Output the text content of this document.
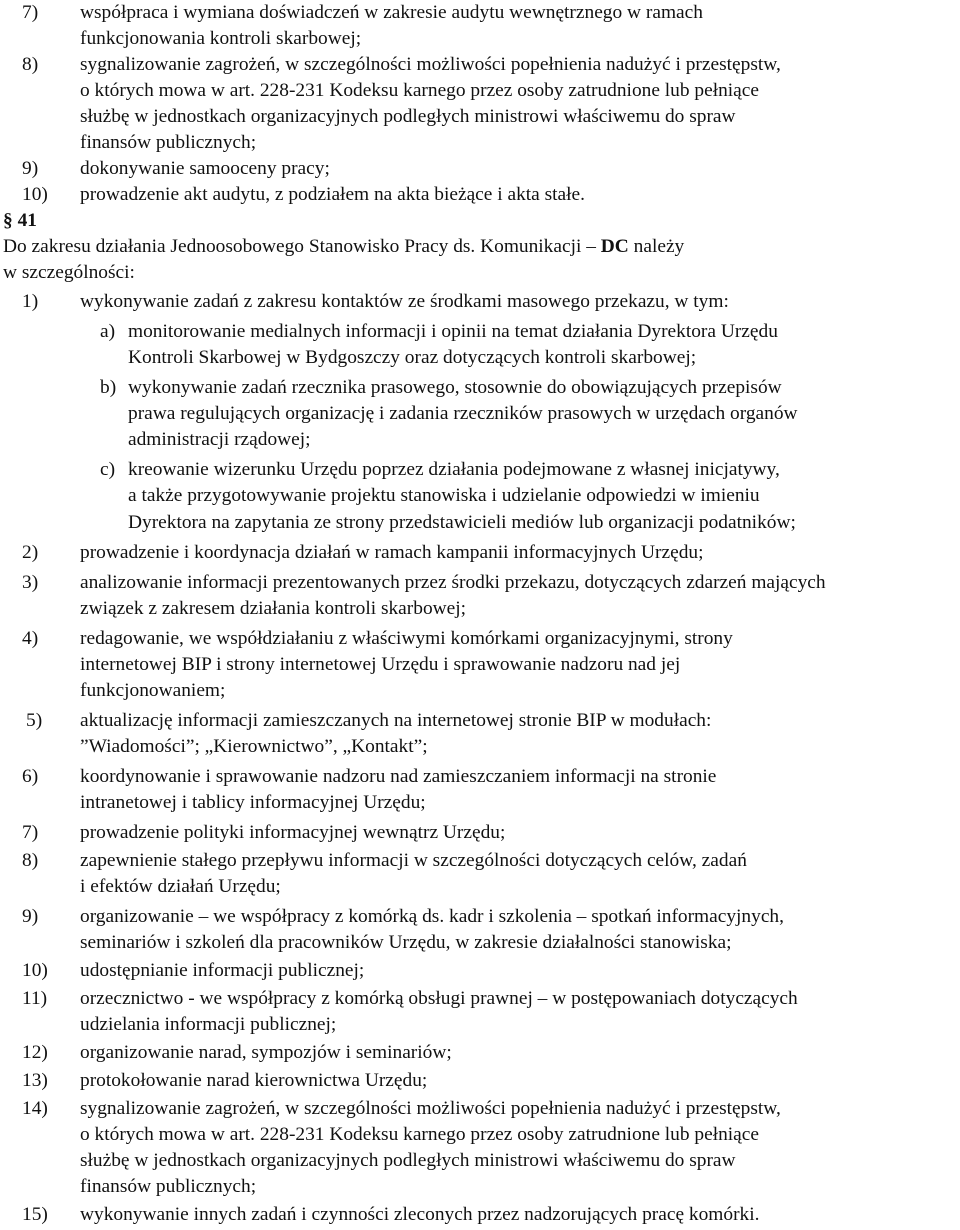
7) współpraca i wymiana doświadczeń w zakresie audytu wewnętrznego w ramach
funkcjonowania kontroli skarbowej;
8) sygnalizowanie zagrożeń, w szczególności możliwości popełnienia nadużyć i przestępstw,
o których mowa w art. 228-231 Kodeksu karnego przez osoby zatrudnione lub pełniące
służbę w jednostkach organizacyjnych podległych ministrowi właściwemu do spraw
finansów publicznych;
9) dokonywanie samooceny pracy;
10) prowadzenie akt audytu, z podziałem na akta bieżące i akta stałe.
§ 41
Do zakresu działania Jednoosobowego Stanowisko Pracy ds. Komunikacji – DC należy
w szczególności:
1) wykonywanie zadań z zakresu kontaktów ze środkami masowego przekazu, w tym:
a) monitorowanie medialnych informacji i opinii na temat działania Dyrektora Urzędu
Kontroli Skarbowej w Bydgoszczy oraz dotyczących kontroli skarbowej;
b) wykonywanie zadań rzecznika prasowego, stosownie do obowiązujących przepisów
prawa regulujących organizację i zadania rzeczników prasowych w urzędach organów
administracji rządowej;
c) kreowanie wizerunku Urzędu poprzez działania podejmowane z własnej inicjatywy,
a także przygotowywanie projektu stanowiska i udzielanie odpowiedzi w imieniu
Dyrektora na zapytania ze strony przedstawicieli mediów lub organizacji podatników;
2) prowadzenie i koordynacja działań w ramach kampanii informacyjnych Urzędu;
3) analizowanie informacji prezentowanych przez środki przekazu, dotyczących zdarzeń mających
związek z zakresem działania kontroli skarbowej;
4) redagowanie, we współdziałaniu z właściwymi komórkami organizacyjnymi, strony
internetowej BIP i strony internetowej Urzędu i sprawowanie nadzoru nad jej
funkcjonowaniem;
5) aktualizację informacji zamieszczanych na internetowej stronie BIP w modułach:
”Wiadomości”; „Kierownictwo”, „Kontakt”;
6) koordynowanie i sprawowanie nadzoru nad zamieszczaniem informacji na stronie
intranetowej i tablicy informacyjnej Urzędu;
7) prowadzenie polityki informacyjnej wewnątrz Urzędu;
8) zapewnienie stałego przepływu informacji w szczególności dotyczących celów, zadań
i efektów działań Urzędu;
9) organizowanie – we współpracy z komórką ds. kadr i szkolenia – spotkań informacyjnych,
seminariów i szkoleń dla pracowników Urzędu, w zakresie działalności stanowiska;
10) udostępnianie informacji publicznej;
11) orzecznictwo - we współpracy z komórką obsługi prawnej – w postępowaniach dotyczących
udzielania informacji publicznej;
12) organizowanie narad, sympozjów i seminariów;
13) protokołowanie narad kierownictwa Urzędu;
14) sygnalizowanie zagrożeń, w szczególności możliwości popełnienia nadużyć i przestępstw,
o których mowa w art. 228-231 Kodeksu karnego przez osoby zatrudnione lub pełniące
służbę w jednostkach organizacyjnych podległych ministrowi właściwemu do spraw
finansów publicznych;
15) wykonywanie innych zadań i czynności zleconych przez nadzorujących pracę komórki.
